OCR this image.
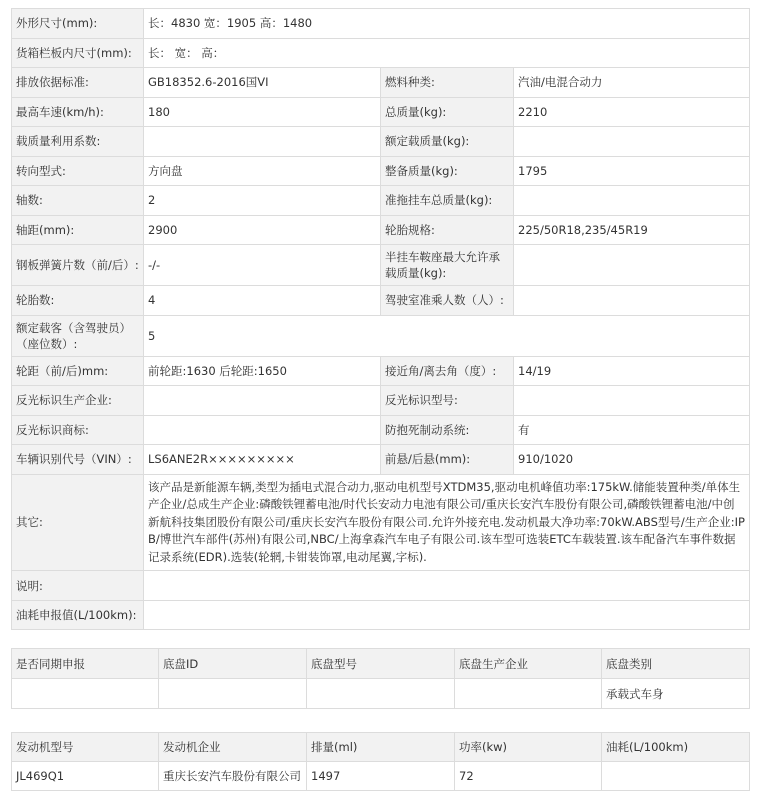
外形尺寸(mm):	长：4830 宽：1905 高：1480		
货箱栏板内尺寸(mm):	长： 宽： 高：		
排放依据标准:	GB18352.6-2016国VI	燃料种类:	汽油/电混合动力
最高车速(km/h):	180	总质量(kg):	2210
载质量利用系数:		额定载质量(kg):	
转向型式:	方向盘	整备质量(kg):	1795
轴数:	2	准拖挂车总质量(kg):	
轴距(mm):	2900	轮胎规格:	225/50R18,235/45R19
钢板弹簧片数（前/后）:	-/-	半挂车鞍座最大允许承载质量(kg):	
轮胎数:	4	驾驶室准乘人数（人）:	
额定载客（含驾驶员）（座位数）:	5		
轮距（前/后)mm:	前轮距:1630 后轮距:1650	接近角/离去角（度）:	14/19
反光标识生产企业:		反光标识型号:	
反光标识商标:		防抱死制动系统:	有
车辆识别代号（VIN）:	LS6ANE2R×××××××××	前悬/后悬(mm):	910/1020
其它:	该产品是新能源车辆,类型为插电式混合动力,驱动电机型号XTDM35,驱动电机峰值功率:175kW.储能装置种类/单体生产企业/总成生产企业:磷酸铁锂蓄电池/时代长安动力电池有限公司/重庆长安汽车股份有限公司,磷酸铁锂蓄电池/中创新航科技集团股份有限公司/重庆长安汽车股份有限公司.允许外接充电.发动机最大净功率:70kW.ABS型号/生产企业:IPB/博世汽车部件(苏州)有限公司,NBC/上海拿森汽车电子有限公司.该车型可选装ETC车载装置.该车配备汽车事件数据记录系统(EDR).选装(轮辋,卡钳装饰罩,电动尾翼,字标).		
说明:			
油耗申报值(L/100km):			
是否同期申报	底盘ID	底盘型号	底盘生产企业	底盘类别
				承载式车身
发动机型号	发动机企业	排量(ml)	功率(kw)	油耗(L/100km)
JL469Q1	重庆长安汽车股份有限公司	1497	72	
